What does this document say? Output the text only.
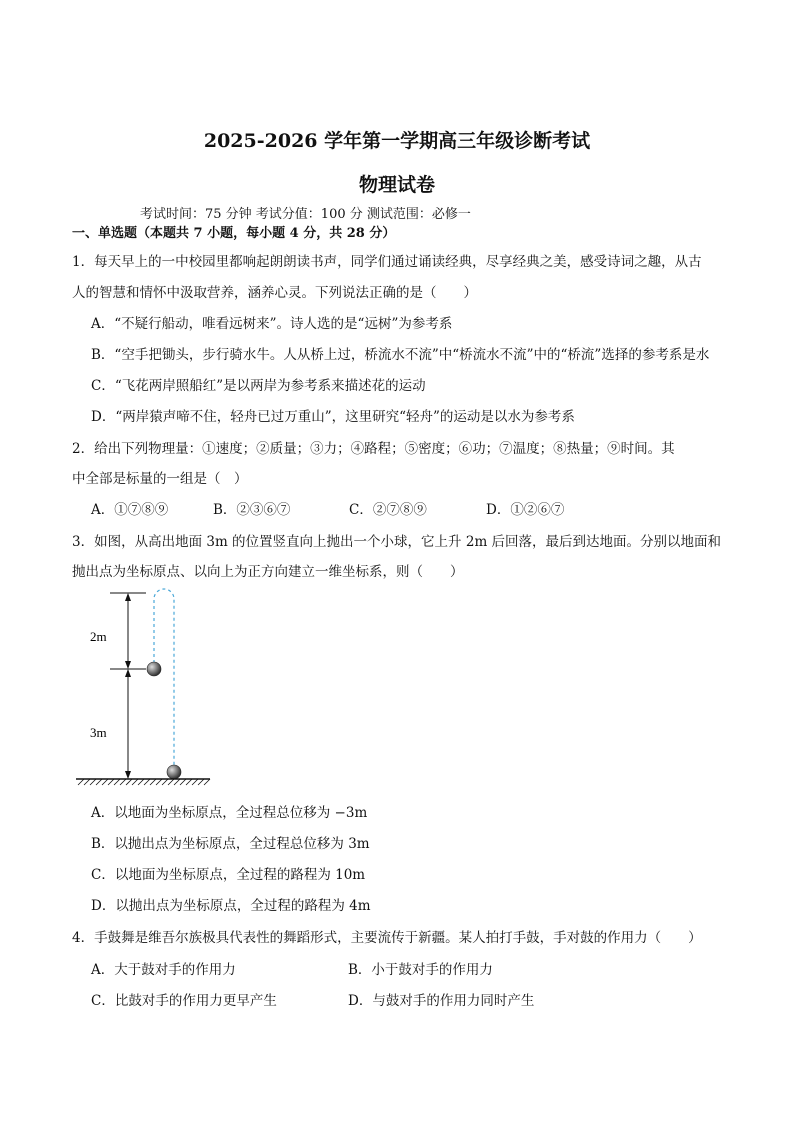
2025-2026 学年第一学期高三年级诊断考试
物理试卷
考试时间：75 分钟 考试分值：100 分 测试范围：必修一
一、单选题（本题共 7 小题，每小题 4 分，共 28 分）
1．每天早上的一中校园里都响起朗朗读书声，同学们通过诵读经典，尽享经典之美，感受诗词之趣，从古
人的智慧和情怀中汲取营养，涵养心灵。下列说法正确的是（　　）
A．“不疑行船动，唯看远树来”。诗人选的是“远树”为参考系
B．“空手把锄头，步行骑水牛。人从桥上过，桥流水不流”中“桥流水不流”中的“桥流”选择的参考系是水
C．“飞花两岸照船红”是以两岸为参考系来描述花的运动
D．“两岸猿声啼不住，轻舟已过万重山”，这里研究“轻舟”的运动是以水为参考系
2．给出下列物理量：①速度；②质量；③力；④路程；⑤密度；⑥功；⑦温度；⑧热量；⑨时间。其
中全部是标量的一组是（　）
A．①⑦⑧⑨	B．②③⑥⑦	C．②⑦⑧⑨	D．①②⑥⑦
3．如图，从高出地面 3m 的位置竖直向上抛出一个小球，它上升 2m 后回落，最后到达地面。分别以地面和
抛出点为坐标原点、以向上为正方向建立一维坐标系，则（　　）
2m
3m
A．以地面为坐标原点，全过程总位移为 −3m
B．以抛出点为坐标原点，全过程总位移为 3m
C．以地面为坐标原点，全过程的路程为 10m
D．以抛出点为坐标原点，全过程的路程为 4m
4．手鼓舞是维吾尔族极具代表性的舞蹈形式，主要流传于新疆。某人拍打手鼓，手对鼓的作用力（　　）
A．大于鼓对手的作用力	B．小于鼓对手的作用力
C．比鼓对手的作用力更早产生	D．与鼓对手的作用力同时产生
